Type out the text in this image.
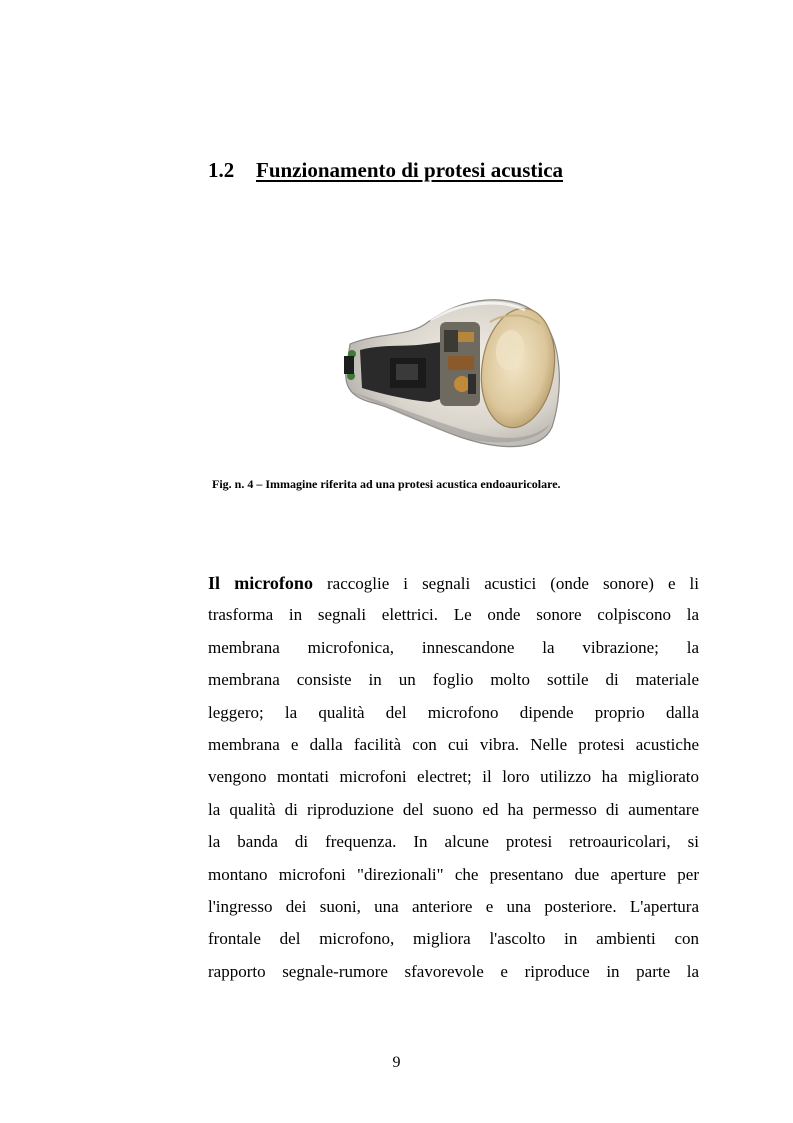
1.2 Funzionamento di protesi acustica
Fig. n. 4 – Immagine riferita ad una protesi acustica endoauricolare.
Il microfono raccoglie i segnali acustici (onde sonore) e li
trasforma in segnali elettrici. Le onde sonore colpiscono la
membrana microfonica, innescandone la vibrazione; la
membrana consiste in un foglio molto sottile di materiale
leggero; la qualità del microfono dipende proprio dalla
membrana e dalla facilità con cui vibra. Nelle protesi acustiche
vengono montati microfoni electret; il loro utilizzo ha migliorato
la qualità di riproduzione del suono ed ha permesso di aumentare
la banda di frequenza. In alcune protesi retroauricolari, si
montano microfoni "direzionali" che presentano due aperture per
l'ingresso dei suoni, una anteriore e una posteriore. L'apertura
frontale del microfono, migliora l'ascolto in ambienti con
rapporto segnale-rumore sfavorevole e riproduce in parte la
9
